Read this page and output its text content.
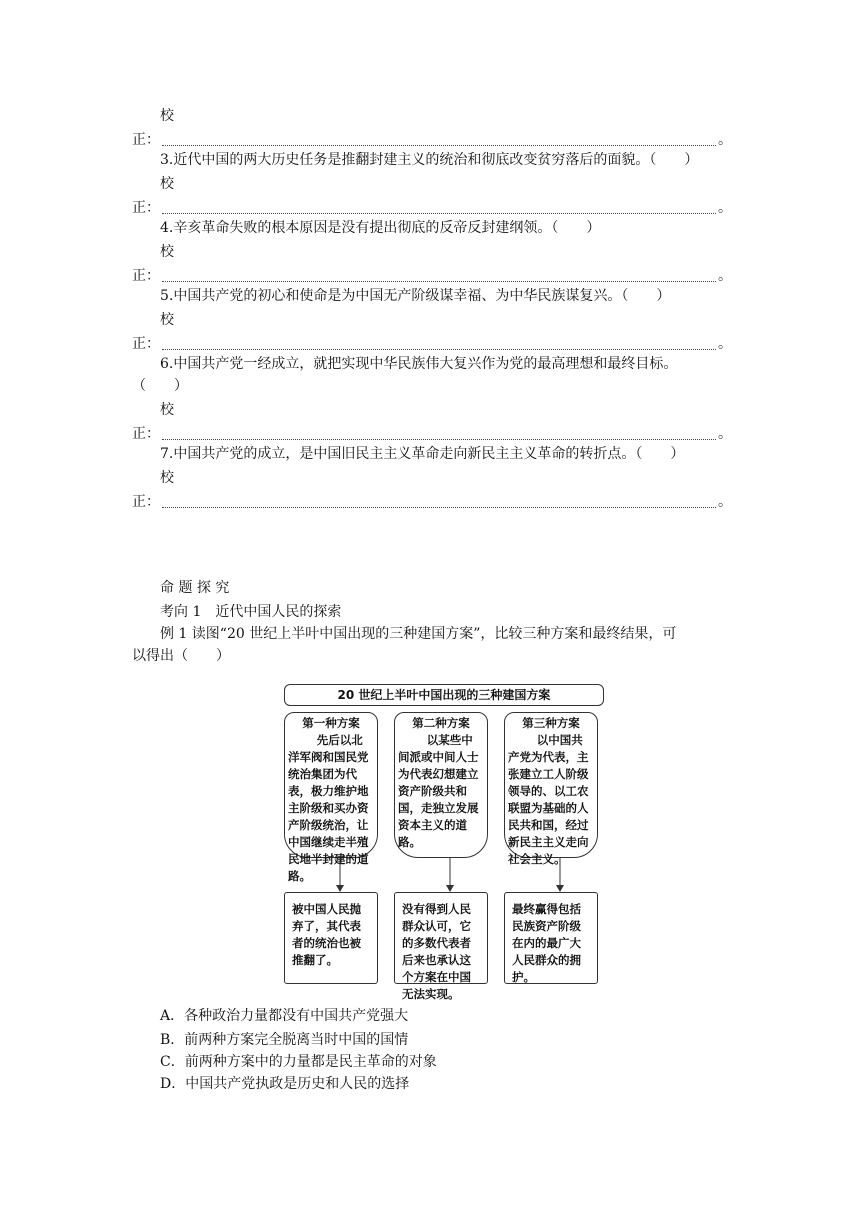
校
正：	。
3.近代中国的两大历史任务是推翻封建主义的统治和彻底改变贫穷落后的面貌。（　　）
校
正：	。
4.辛亥革命失败的根本原因是没有提出彻底的反帝反封建纲领。（　　）
校
正：	。
5.中国共产党的初心和使命是为中国无产阶级谋幸福、为中华民族谋复兴。（　　）
校
正：	。
6.中国共产党一经成立，就把实现中华民族伟大复兴作为党的最高理想和最终目标。
（　　）
校
正：	。
7.中国共产党的成立，是中国旧民主主义革命走向新民主主义革命的转折点。（　　）
校
正：	。
命 题 探 究
考向 1　近代中国人民的探索
例 1 读图“20 世纪上半叶中国出现的三种建国方案”，比较三种方案和最终结果，可
以得出（　　）
20 世纪上半叶中国出现的三种建国方案
第一种方案
先后以北洋军阀和国民党统治集团为代表，极力维护地主阶级和买办资产阶级统治，让中国继续走半殖民地半封建的道路。
第二种方案
以某些中间派或中间人士为代表幻想建立资产阶级共和国，走独立发展资本主义的道路。
第三种方案
以中国共产党为代表，主张建立工人阶级领导的、以工农联盟为基础的人民共和国，经过新民主主义走向社会主义。
被中国人民抛弃了，其代表者的统治也被推翻了。
没有得到人民群众认可，它的多数代表者后来也承认这个方案在中国无法实现。
最终赢得包括民族资产阶级在内的最广大人民群众的拥护。
A．各种政治力量都没有中国共产党强大
B．前两种方案完全脱离当时中国的国情
C．前两种方案中的力量都是民主革命的对象
D．中国共产党执政是历史和人民的选择
